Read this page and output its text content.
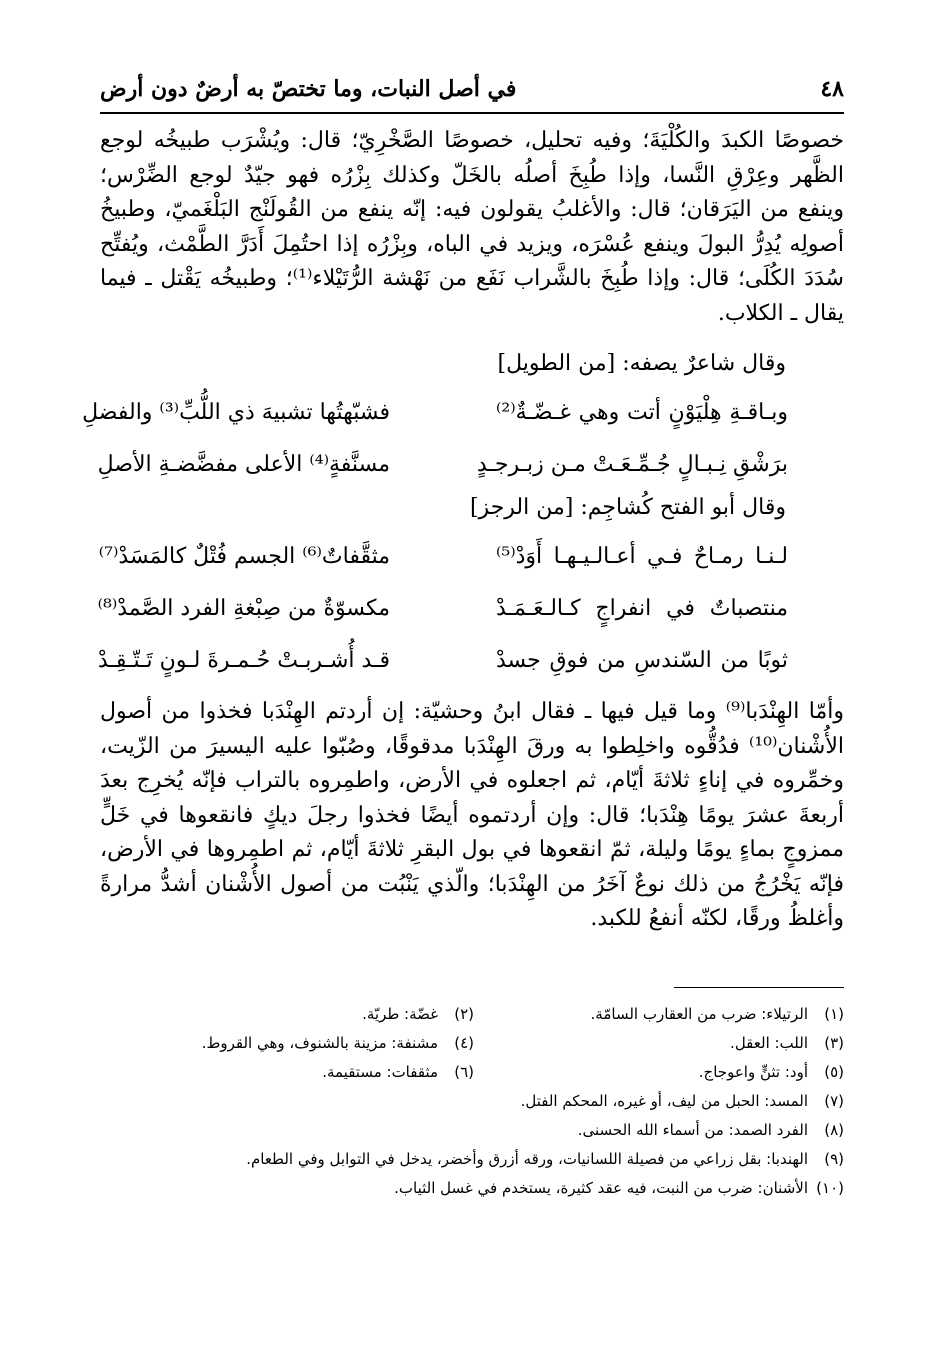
٤٨
في أصل النبات، وما تختصّ به أرضٌ دون أرض

خصوصًا الكبدَ والكُلْيَةَ؛ وفيه تحليل، خصوصًا الصَّخْرِيّ؛ قال: ويُشْرَب طبيخُه لوجع الظَّهر وعِرْقِ النَّسا، وإذا طُبِخَ أصلُه بالخَلّ وكذلك بِزْرُه فهو جيّدٌ لوجع الضِّرْس؛ وينفع من اليَرَقان؛ قال: والأغلبُ يقولون فيه: إنّه ينفع من القُولَنْج البَلْغَميّ، وطبيخُ أصولِه يُدِرُّ البولَ وينفع عُسْرَه، ويزيد في الباه، وبِزْرُه إذا احتُمِلَ أَدَرَّ الطَّمْث، ويُفتِّح سُدَدَ الكُلَى؛ قال: وإذا طُبِخَ بالشَّراب نَفَع من نَهْشة الرُّتَيْلاء⁽¹⁾؛ وطبيخُه يَقْتل ـ فيما يقال ـ الكلاب.

وقال شاعرٌ يصفه: [من الطويل]
وبـاقـةِ هِلْيَوْنٍ أتت وهي غـضّـةٌ⁽²⁾
فشبّهتُها تشبيهَ ذي اللُّبِّ⁽³⁾ والفضلِ
برَشْقِ نِـبـالٍ جُـمِّـعَـتْ مـن زبـرجـدٍ
مسنَّفةٍ⁽⁴⁾ الأعلى مفضَّضـةِ الأصلِ
وقال أبو الفتح كُشاجِم: [من الرجز]
لـنـا رمـاحٌ فـي أعـالـيـهـا أَوَدْ⁽⁵⁾
مثقَّفاتٌ⁽⁶⁾ الجسم فُتْلٌ كالمَسَدْ⁽⁷⁾
منتصباتٌ في انفراجٍ كـالـعَـمَـدْ
مكسوّةٌ من صِبْغةِ الفرد الصَّمدْ⁽⁸⁾
ثوبًا من السّندسِ من فوقِ جسدْ
قـد أُشـربـتْ حُـمـرةَ لـونٍ تَـتّـقِـدْ

وأمّا الهِنْدَبا⁽⁹⁾ وما قيل فيها ـ فقال ابنُ وحشيّة: إن أردتم الهِنْدَبا فخذوا من أصول الأُشْنان⁽¹⁰⁾ فدُقُّوه واخلِطوا به ورقَ الهِنْدَبا مدقوقًا، وصُبّوا عليه اليسيرَ من الزّيت، وخمِّروه في إناءٍ ثلاثةَ أيّام، ثم اجعلوه في الأرض، واطمِروه بالتراب فإنّه يُخرِج بعدَ أربعةَ عشرَ يومًا هِنْدَبا؛ قال: وإن أردتموه أيضًا فخذوا رجلَ ديكٍ فانقعوها في خَلٍّ ممزوجٍ بماءٍ يومًا وليلة، ثمّ انقعوها في بول البقرِ ثلاثةَ أيّام، ثم اطمِروها في الأرض، فإنّه يَخْرُجُ من ذلك نوعٌ آخَرُ من الهِنْدَبا؛ والّذي يَنْبُت من أصول الأُشْنان أشدُّ مرارةً وأغلظُ ورقًا، لكنّه أنفعُ للكبد.

(١)
الرتيلاء: ضرب من العقارب السامّة.
(٢)
غضّة: طريّة.
(٣)
اللب: العقل.
(٤)
مشنفة: مزينة بالشنوف، وهي القروط.
(٥)
أود: تثنٍّ واعوجاج.
(٦)
مثقفات: مستقيمة.
(٧)
المسد: الحبل من ليف، أو غيره، المحكم الفتل.
(٨)
الفرد الصمد: من أسماء الله الحسنى.
(٩)
الهندبا: بقل زراعي من فصيلة اللسانيات، ورقه أزرق وأخضر، يدخل في التوابل وفي الطعام.
(١٠)
الأشنان: ضرب من النبت، فيه عقد كثيرة، يستخدم في غسل الثياب.
